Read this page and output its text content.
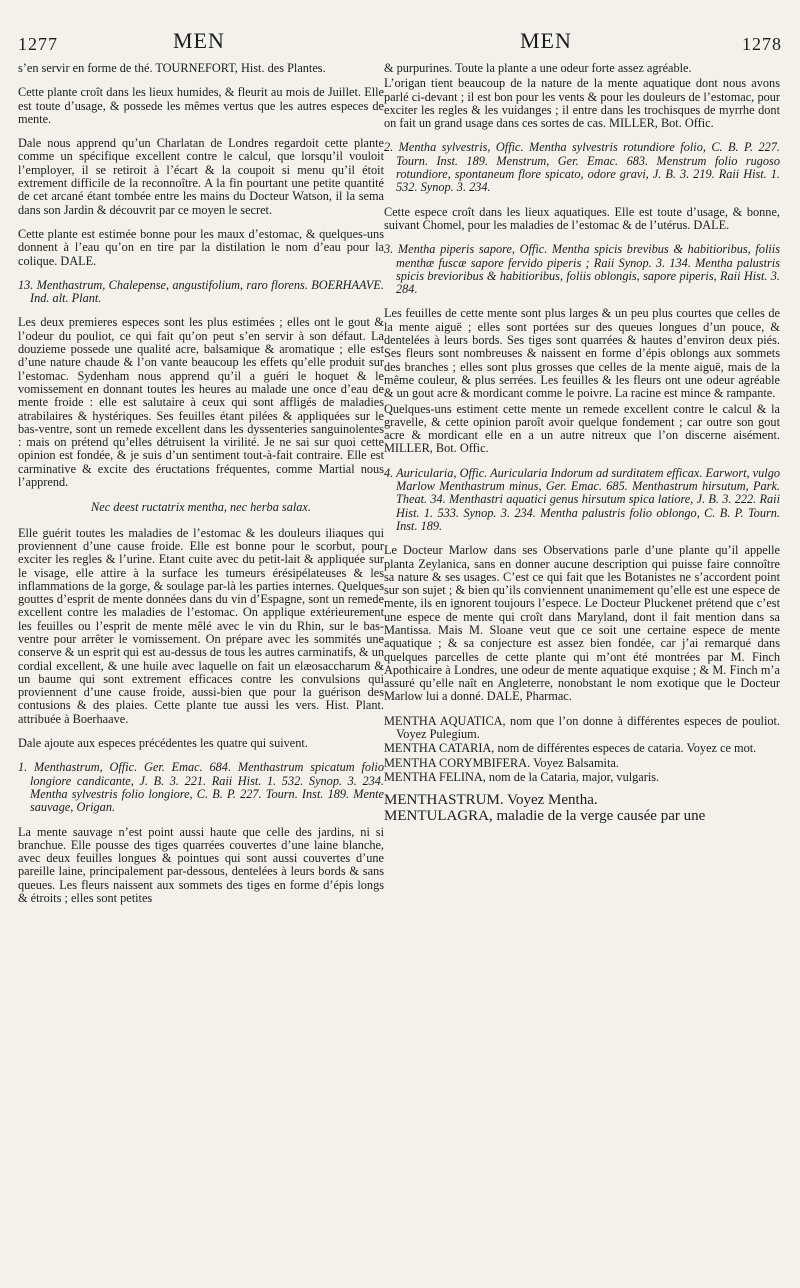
1277	MEN	MEN	1278

s’en servir en forme de thé. TOURNEFORT, Hist. des Plantes.

Cette plante croît dans les lieux humides, & fleurit au mois de Juillet. Elle est toute d’usage, & possede les mêmes vertus que les autres especes de mente.

Dale nous apprend qu’un Charlatan de Londres regardoit cette plante comme un spécifique excellent contre le calcul, que lorsqu’il vouloit l’employer, il se retiroit à l’écart & la coupoit si menu qu’il étoit extrement difficile de la reconnoître. A la fin pourtant une petite quantité de cet arcané étant tombée entre les mains du Docteur Watson, il la sema dans son Jardin & découvrit par ce moyen le secret.

Cette plante est estimée bonne pour les maux d’estomac, & quelques-uns donnent à l’eau qu’on en tire par la distilation le nom d’eau pour la colique. DALE.

13. Menthastrum, Chalepense, angustifolium, raro florens. BOERHAAVE. Ind. alt. Plant.

Les deux premieres especes sont les plus estimées ; elles ont le gout & l’odeur du pouliot, ce qui fait qu’on peut s’en servir à son défaut. La douzieme possede une qualité acre, balsamique & aromatique ; elle est d’une nature chaude & l’on vante beaucoup les effets qu’elle produit sur l’estomac. Sydenham nous apprend qu’il a guéri le hoquet & le vomissement en donnant toutes les heures au malade une once d’eau de mente froide : elle est salutaire à ceux qui sont affligés de maladies atrabilaires & hystériques. Ses feuilles étant pilées & appliquées sur le bas-ventre, sont un remede excellent dans les dyssenteries sanguinolentes : mais on prétend qu’elles détruisent la virilité. Je ne sai sur quoi cette opinion est fondée, & je suis d’un sentiment tout-à-fait contraire. Elle est carminative & excite des éructations fréquentes, comme Martial nous l’apprend.

Nec deest ructatrix mentha, nec herba salax.

Elle guérit toutes les maladies de l’estomac & les douleurs iliaques qui proviennent d’une cause froide. Elle est bonne pour le scorbut, pour exciter les regles & l’urine. Etant cuite avec du petit-lait & appliquée sur le visage, elle attire à la surface les tumeurs érésipélateuses & les inflammations de la gorge, & soulage par-là les parties internes. Quelques gouttes d’esprit de mente données dans du vin d’Espagne, sont un remede excellent contre les maladies de l’estomac. On applique extérieurement les feuilles ou l’esprit de mente mêlé avec le vin du Rhin, sur le bas-ventre pour arrêter le vomissement. On prépare avec les sommités une conserve & un esprit qui est au-dessus de tous les autres carminatifs, & un cordial excellent, & une huile avec laquelle on fait un elæosaccharum & un baume qui sont extrement efficaces contre les convulsions qui proviennent d’une cause froide, aussi-bien que pour la guérison des contusions & des plaies. Cette plante tue aussi les vers. Hist. Plant. attribuée à Boerhaave.

Dale ajoute aux especes précédentes les quatre qui suivent.

1. Menthastrum, Offic. Ger. Emac. 684. Menthastrum spicatum folio longiore candicante, J. B. 3. 221. Raii Hist. 1. 532. Synop. 3. 234. Mentha sylvestris folio longiore, C. B. P. 227. Tourn. Inst. 189. Mente sauvage, Origan.

La mente sauvage n’est point aussi haute que celle des jardins, ni si branchue. Elle pousse des tiges quarrées couvertes d’une laine blanche, avec deux feuilles longues & pointues qui sont aussi couvertes d’une pareille laine, principalement par-dessous, dentelées à leurs bords & sans queues. Les fleurs naissent aux sommets des tiges en forme d’épis longs & étroits ; elles sont petites

& purpurines. Toute la plante a une odeur forte assez agréable.

L’origan tient beaucoup de la nature de la mente aquatique dont nous avons parlé ci-devant ; il est bon pour les vents & pour les douleurs de l’estomac, pour exciter les regles & les vuidanges ; il entre dans les trochisques de myrrhe dont on fait un grand usage dans ces sortes de cas. MILLER, Bot. Offic.

2. Mentha sylvestris, Offic. Mentha sylvestris rotundiore folio, C. B. P. 227. Tourn. Inst. 189. Menstrum, Ger. Emac. 683. Menstrum folio rugoso rotundiore, spontaneum flore spicato, odore gravi, J. B. 3. 219. Raii Hist. 1. 532. Synop. 3. 234.

Cette espece croît dans les lieux aquatiques. Elle est toute d’usage, & bonne, suivant Chomel, pour les maladies de l’estomac & de l’utérus. DALE.

3. Mentha piperis sapore, Offic. Mentha spicis brevibus & habitioribus, foliis menthæ fuscæ sapore fervido piperis ; Raii Synop. 3. 134. Mentha palustris spicis brevioribus & habitioribus, foliis oblongis, sapore piperis, Raii Hist. 3. 284.

Les feuilles de cette mente sont plus larges & un peu plus courtes que celles de la mente aiguë ; elles sont portées sur des queues longues d’un pouce, & dentelées à leurs bords. Ses tiges sont quarrées & hautes d’environ deux piés. Ses fleurs sont nombreuses & naissent en forme d’épis oblongs aux sommets des branches ; elles sont plus grosses que celles de la mente aiguë, mais de la même couleur, & plus serrées. Les feuilles & les fleurs ont une odeur agréable & un gout acre & mordicant comme le poivre. La racine est mince & rampante.

Quelques-uns estiment cette mente un remede excellent contre le calcul & la gravelle, & cette opinion paroît avoir quelque fondement ; car outre son gout acre & mordicant elle en a un autre nitreux que l’on discerne aisément. MILLER, Bot. Offic.

4. Auricularia, Offic. Auricularia Indorum ad surditatem efficax. Earwort, vulgo Marlow Menthastrum minus, Ger. Emac. 685. Menthastrum hirsutum, Park. Theat. 34. Menthastri aquatici genus hirsutum spica latiore, J. B. 3. 222. Raii Hist. 1. 533. Synop. 3. 234. Mentha palustris folio oblongo, C. B. P. Tourn. Inst. 189.

Le Docteur Marlow dans ses Observations parle d’une plante qu’il appelle planta Zeylanica, sans en donner aucune description qui puisse faire connoître sa nature & ses usages. C’est ce qui fait que les Botanistes ne s’accordent point sur son sujet ; & bien qu’ils conviennent unanimement qu’elle est une espece de mente, ils en ignorent toujours l’espece. Le Docteur Pluckenet prétend que c’est une espece de mente qui croît dans Maryland, dont il fait mention dans sa Mantissa. Mais M. Sloane veut que ce soit une certaine espece de mente aquatique ; & sa conjecture est assez bien fondée, car j’ai remarqué dans quelques parcelles de cette plante qui m’ont été montrées par M. Finch Apothicaire à Londres, une odeur de mente aquatique exquise ; & M. Finch m’a assuré qu’elle naît en Angleterre, nonobstant le nom exotique que le Docteur Marlow lui a donné. DALE, Pharmac.

MENTHA AQUATICA, nom que l’on donne à différentes especes de pouliot. Voyez Pulegium.

MENTHA CATARIA, nom de différentes especes de cataria. Voyez ce mot.

MENTHA CORYMBIFERA. Voyez Balsamita.

MENTHA FELINA, nom de la Cataria, major, vulgaris.

MENTHASTRUM. Voyez Mentha.

MENTULAGRA, maladie de la verge causée par une
